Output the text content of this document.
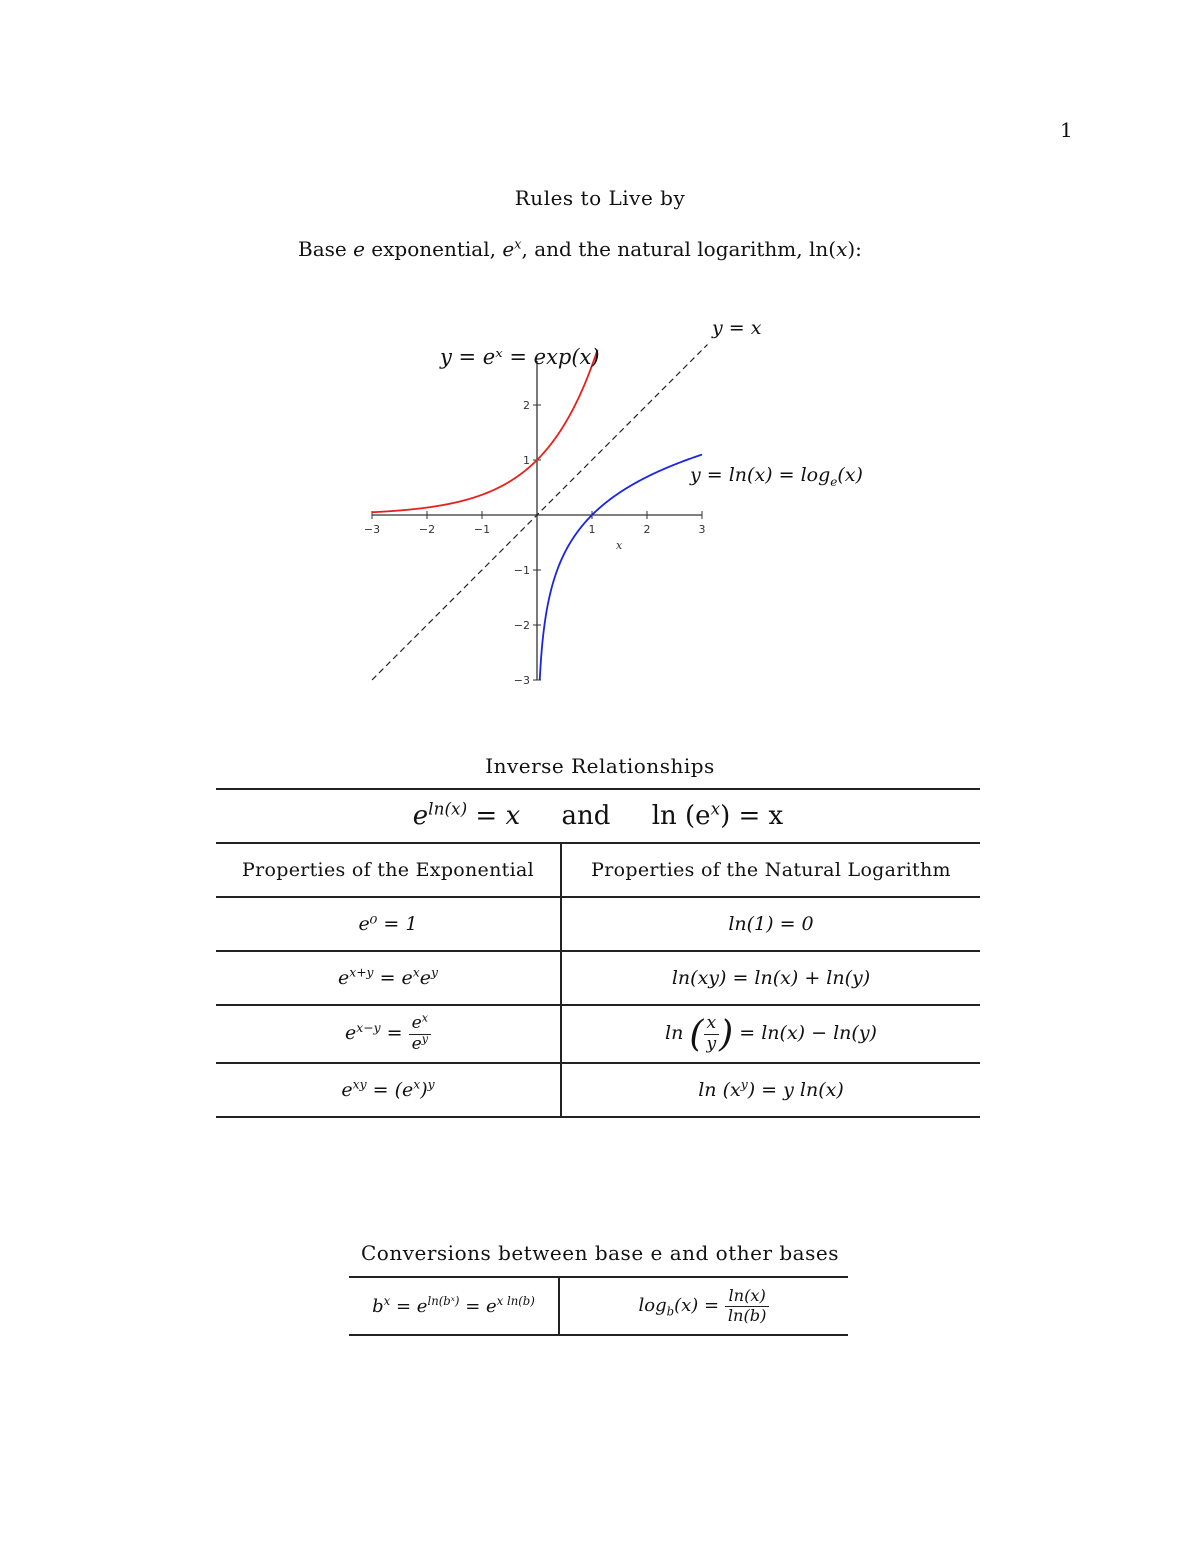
1
Rules to Live by
Base e exponential, $e^x$, and the natural logarithm, ln(x):
−3	−2	−1	1	2	3
2
1
−1
−2
−3
y = eˣ = exp(x)
y = x
$y = \ln(x) = \log_e(x)$
x
Inverse Relationships
$e^{ln(x)} = x$ and $\ln (e^x) = x$	
Properties of the Exponential	Properties of the Natural Logarithm
e⁰ = 1	ln(1) = 0
$e^{x+y} = e^xe^y$	ln(xy) = ln(x) + ln(y)
$e^{x-y} = \frac{e^x}{e^y}$	ln ( $\frac{x}{y}$ ) = ln(x) − ln(y)
$e^{xy} = (e^x)^y$	$\ln (x^y) = y$ ln(x)
Conversions between base e and other bases
$b^x = e^{ln(bˣ)} = e^{x ln(b)}$	$\log_b(x) = \frac{\ln(x)}{\ln(b)}$
